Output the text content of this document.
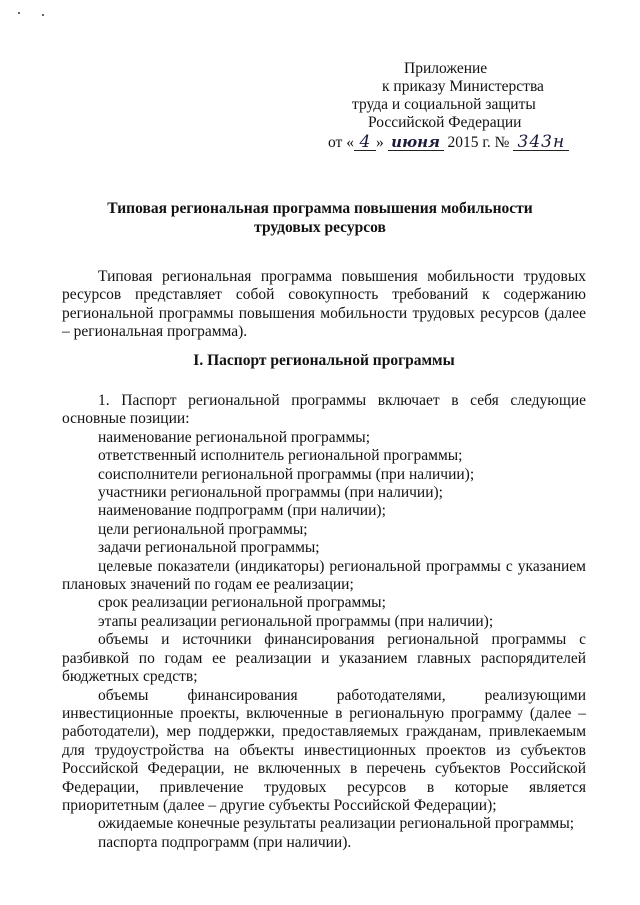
Приложение
к приказу Министерства
труда и социальной защиты
Российской Федерации
от « 4 » июня 2015 г. № 343н
Типовая региональная программа повышения мобильности
трудовых ресурсов

Типовая региональная программа повышения мобильности трудовых ресурсов представляет собой совокупность требований к содержанию региональной программы повышения мобильности трудовых ресурсов (далее – региональная программа).

I. Паспорт региональной программы

1. Паспорт региональной программы включает в себя следующие основные позиции:

наименование региональной программы;

ответственный исполнитель региональной программы;

соисполнители региональной программы (при наличии);

участники региональной программы (при наличии);

наименование подпрограмм (при наличии);

цели региональной программы;

задачи региональной программы;

целевые показатели (индикаторы) региональной программы с указанием плановых значений по годам ее реализации;

срок реализации региональной программы;

этапы реализации региональной программы (при наличии);

объемы и источники финансирования региональной программы с разбивкой по годам ее реализации и указанием главных распорядителей бюджетных средств;

объемы финансирования работодателями, реализующими инвестиционные проекты, включенные в региональную программу (далее – работодатели), мер поддержки, предоставляемых гражданам, привлекаемым для трудоустройства на объекты инвестиционных проектов из субъектов Российской Федерации, не включенных в перечень субъектов Российской Федерации, привлечение трудовых ресурсов в которые является приоритетным (далее – другие субъекты Российской Федерации);

ожидаемые конечные результаты реализации региональной программы;

паспорта подпрограмм (при наличии).
